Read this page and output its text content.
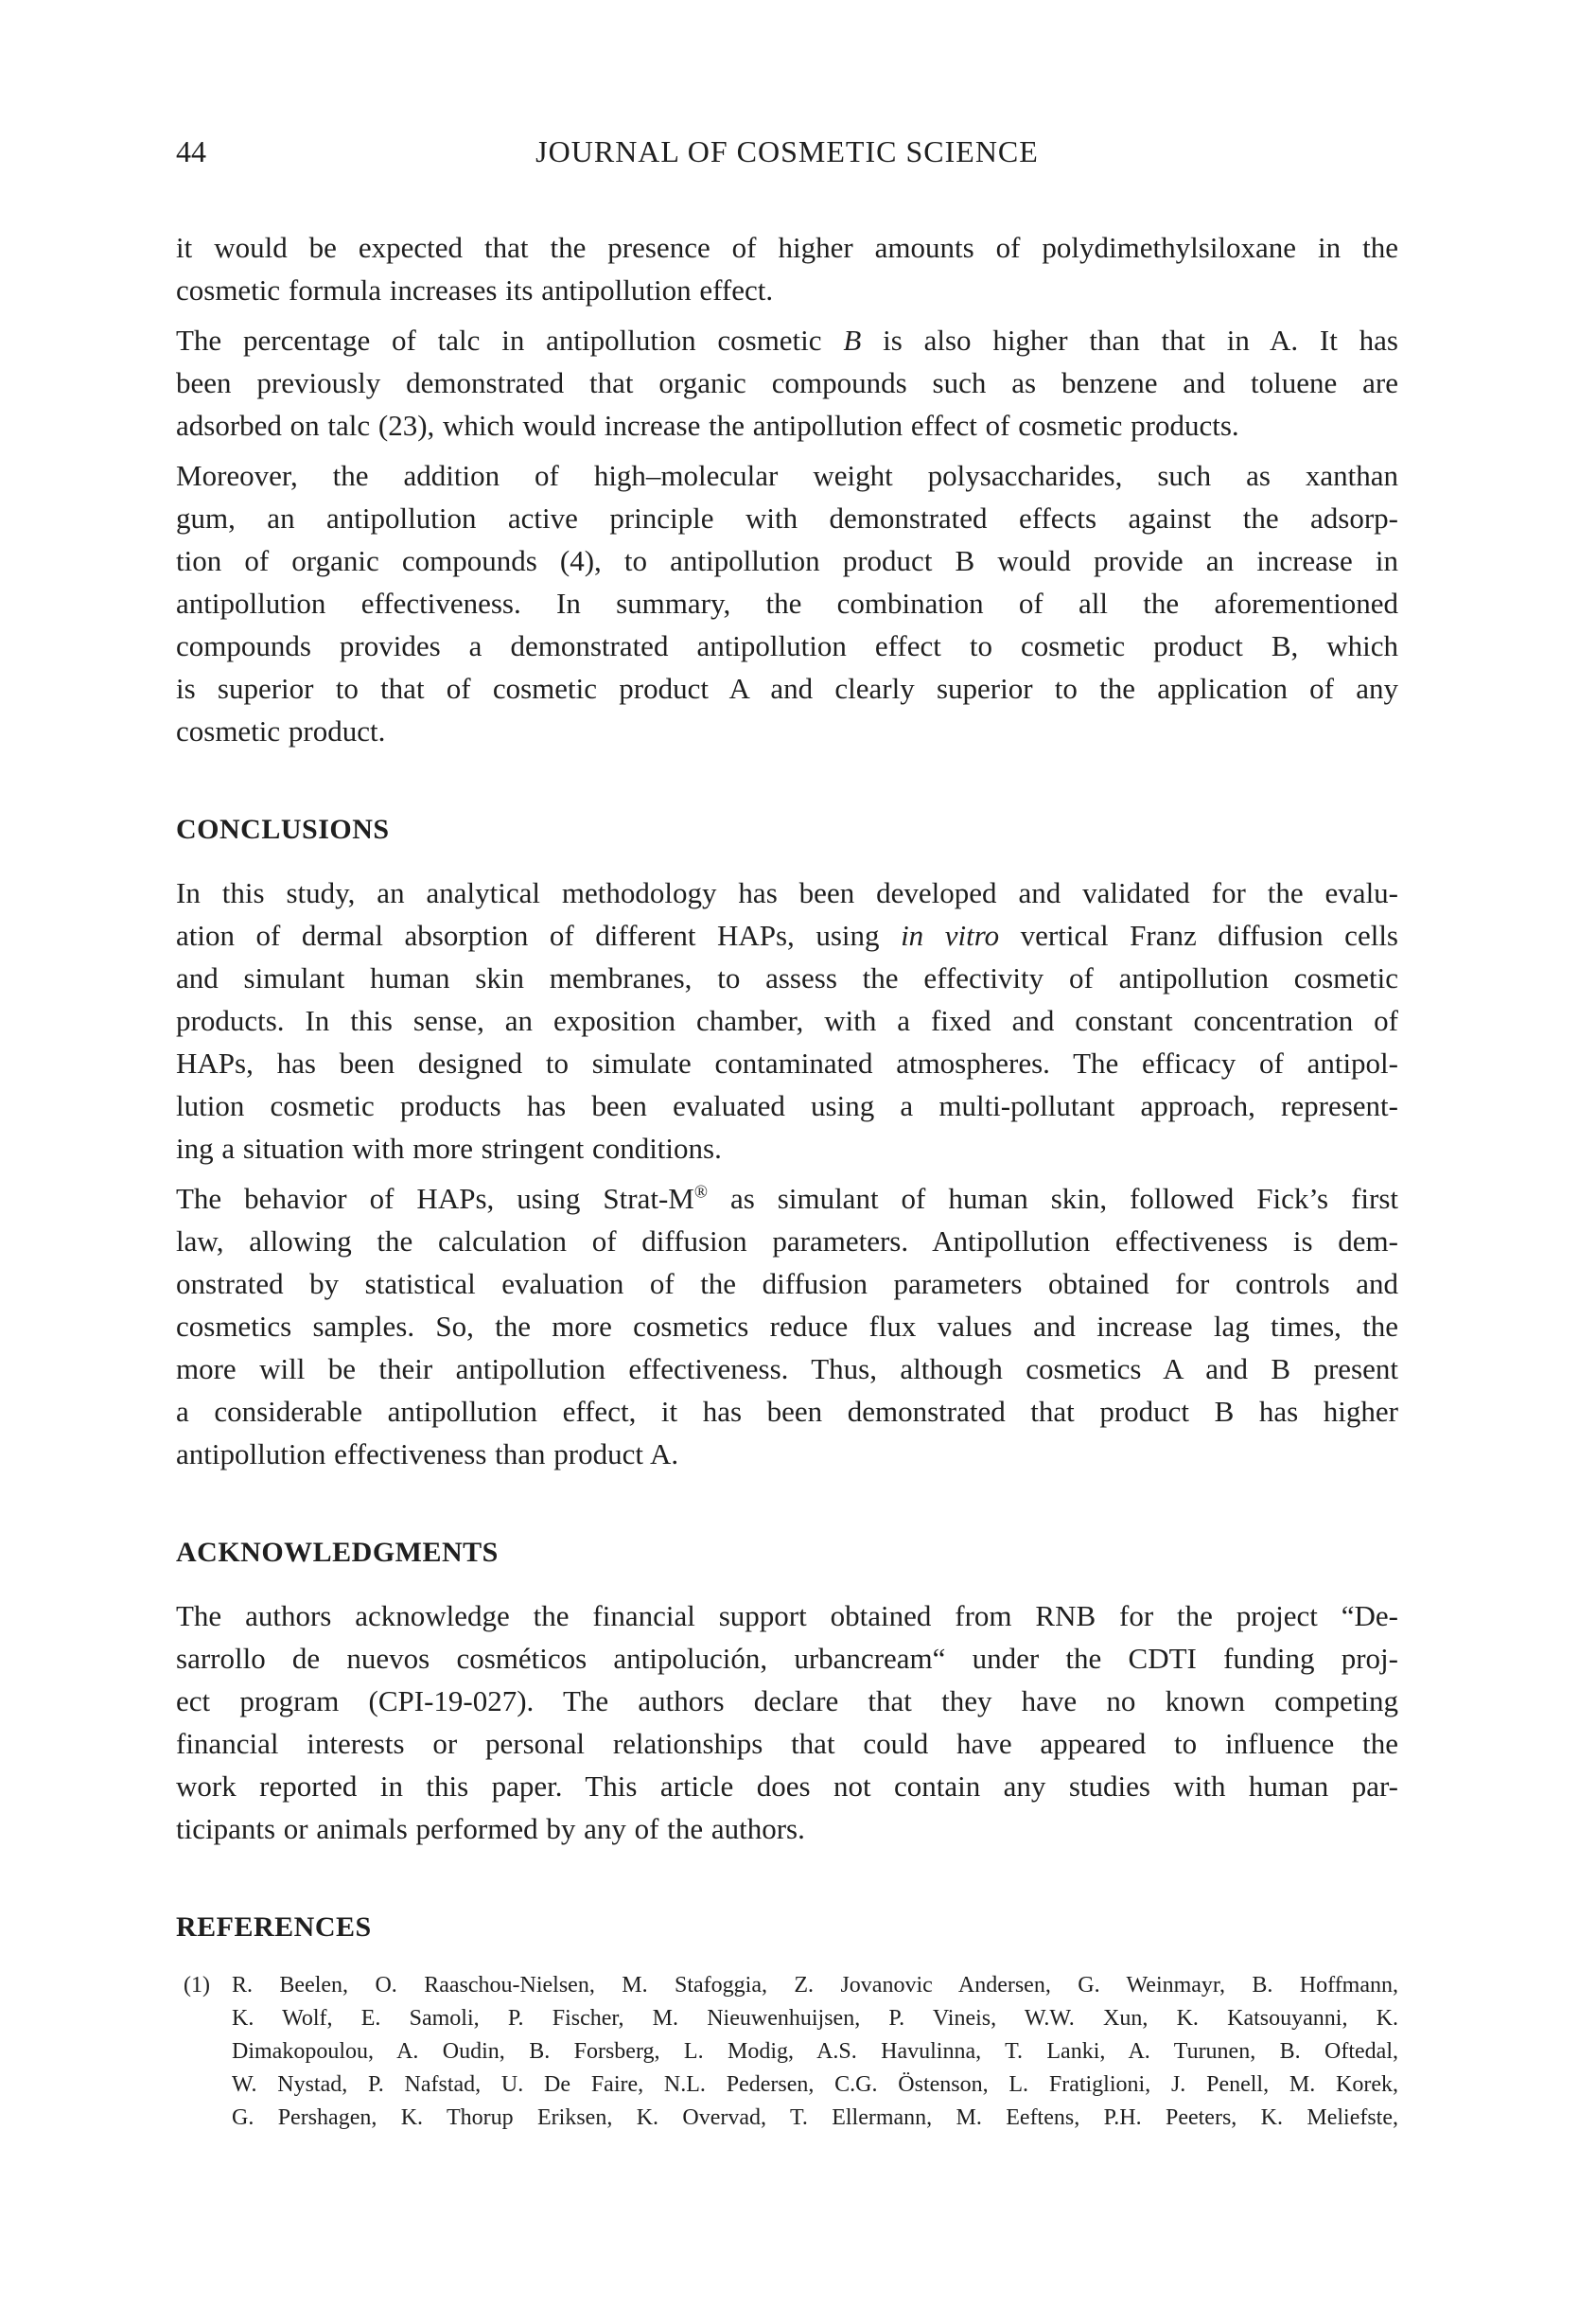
44	JOURNAL OF COSMETIC SCIENCE
it would be expected that the presence of higher amounts of polydimethylsiloxane in the
cosmetic formula increases its antipollution effect.
The percentage of talc in antipollution cosmetic B is also higher than that in A. It has
been previously demonstrated that organic compounds such as benzene and toluene are
adsorbed on talc (23), which would increase the antipollution effect of cosmetic products.
Moreover, the addition of high–molecular weight polysaccharides, such as xanthan
gum, an antipollution active principle with demonstrated effects against the adsorp-
tion of organic compounds (4), to antipollution product B would provide an increase in
antipollution effectiveness. In summary, the combination of all the aforementioned
compounds provides a demonstrated antipollution effect to cosmetic product B, which
is superior to that of cosmetic product A and clearly superior to the application of any
cosmetic product.
CONCLUSIONS
In this study, an analytical methodology has been developed and validated for the evalu-
ation of dermal absorption of different HAPs, using in vitro vertical Franz diffusion cells
and simulant human skin membranes, to assess the effectivity of antipollution cosmetic
products. In this sense, an exposition chamber, with a fixed and constant concentration of
HAPs, has been designed to simulate contaminated atmospheres. The efficacy of antipol-
lution cosmetic products has been evaluated using a multi-pollutant approach, represent-
ing a situation with more stringent conditions.
The behavior of HAPs, using Strat-M® as simulant of human skin, followed Fick’s first
law, allowing the calculation of diffusion parameters. Antipollution effectiveness is dem-
onstrated by statistical evaluation of the diffusion parameters obtained for controls and
cosmetics samples. So, the more cosmetics reduce flux values and increase lag times, the
more will be their antipollution effectiveness. Thus, although cosmetics A and B present
a considerable antipollution effect, it has been demonstrated that product B has higher
antipollution effectiveness than product A.
ACKNOWLEDGMENTS
The authors acknowledge the financial support obtained from RNB for the project “De-
sarrollo de nuevos cosméticos antipolución, urbancream“ under the CDTI funding proj-
ect program (CPI-19-027). The authors declare that they have no known competing
financial interests or personal relationships that could have appeared to influence the
work reported in this paper. This article does not contain any studies with human par-
ticipants or animals performed by any of the authors.
REFERENCES
(1) R. Beelen, O. Raaschou-Nielsen, M. Stafoggia, Z. Jovanovic Andersen, G. Weinmayr, B. Hoffmann,
K. Wolf, E. Samoli, P. Fischer, M. Nieuwenhuijsen, P. Vineis, W.W. Xun, K. Katsouyanni, K.
Dimakopoulou, A. Oudin, B. Forsberg, L. Modig, A.S. Havulinna, T. Lanki, A. Turunen, B. Oftedal,
W. Nystad, P. Nafstad, U. De Faire, N.L. Pedersen, C.G. Östenson, L. Fratiglioni, J. Penell, M. Korek,
G. Pershagen, K. Thorup Eriksen, K. Overvad, T. Ellermann, M. Eeftens, P.H. Peeters, K. Meliefste,
